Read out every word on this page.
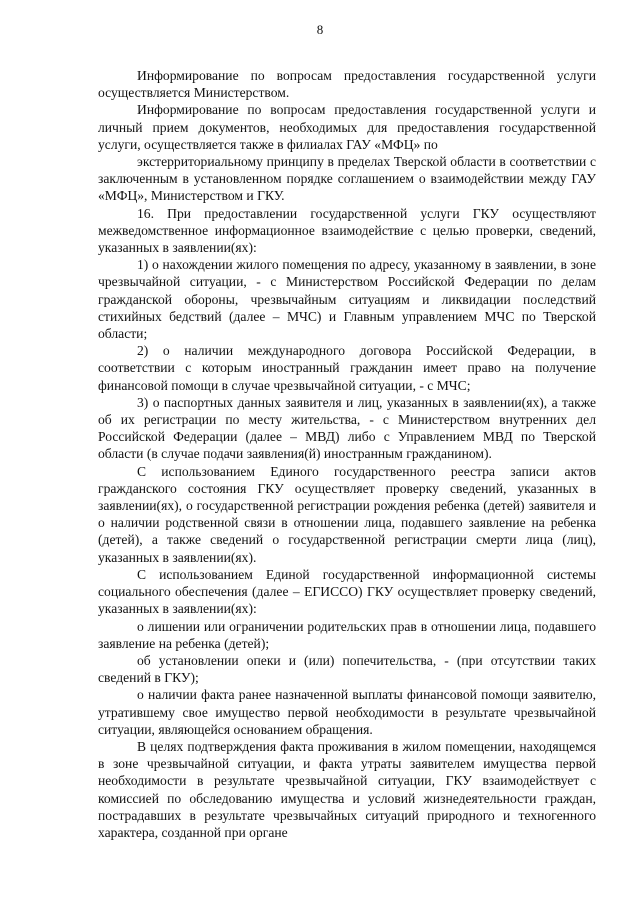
8

Информирование по вопросам предоставления государственной услуги осуществляется Министерством.

Информирование по вопросам предоставления государственной услуги и личный прием документов, необходимых для предоставления государственной услуги, осуществляется также в филиалах ГАУ «МФЦ» по

экстерриториальному принципу в пределах Тверской области в соответствии с заключенным в установленном порядке соглашением о взаимодействии между ГАУ «МФЦ», Министерством и ГКУ.

16. При предоставлении государственной услуги ГКУ осуществляют межведомственное информационное взаимодействие с целью проверки, сведений, указанных в заявлении(ях):

1) о нахождении жилого помещения по адресу, указанному в заявлении, в зоне чрезвычайной ситуации, - с Министерством Российской Федерации по делам гражданской обороны, чрезвычайным ситуациям и ликвидации последствий стихийных бедствий (далее – МЧС) и Главным управлением МЧС по Тверской области;

2) о наличии международного договора Российской Федерации, в соответствии с которым иностранный гражданин имеет право на получение финансовой помощи в случае чрезвычайной ситуации, - с МЧС;

3) о паспортных данных заявителя и лиц, указанных в заявлении(ях), а также об их регистрации по месту жительства, - с Министерством внутренних дел Российской Федерации (далее – МВД) либо с Управлением МВД по Тверской области (в случае подачи заявления(й) иностранным гражданином).

С использованием Единого государственного реестра записи актов гражданского состояния ГКУ осуществляет проверку сведений, указанных в заявлении(ях), о государственной регистрации рождения ребенка (детей) заявителя и о наличии родственной связи в отношении лица, подавшего заявление на ребенка (детей), а также сведений о государственной регистрации смерти лица (лиц), указанных в заявлении(ях).

С использованием Единой государственной информационной системы социального обеспечения (далее – ЕГИССО) ГКУ осуществляет проверку сведений, указанных в заявлении(ях):

о лишении или ограничении родительских прав в отношении лица, подавшего заявление на ребенка (детей);

об установлении опеки и (или) попечительства, - (при отсутствии таких сведений в ГКУ);

о наличии факта ранее назначенной выплаты финансовой помощи заявителю, утратившему свое имущество первой необходимости в результате чрезвычайной ситуации, являющейся основанием обращения.

В целях подтверждения факта проживания в жилом помещении, находящемся в зоне чрезвычайной ситуации, и факта утраты заявителем имущества первой необходимости в результате чрезвычайной ситуации, ГКУ взаимодействует с комиссией по обследованию имущества и условий жизнедеятельности граждан, пострадавших в результате чрезвычайных ситуаций природного и техногенного характера, созданной при органе
